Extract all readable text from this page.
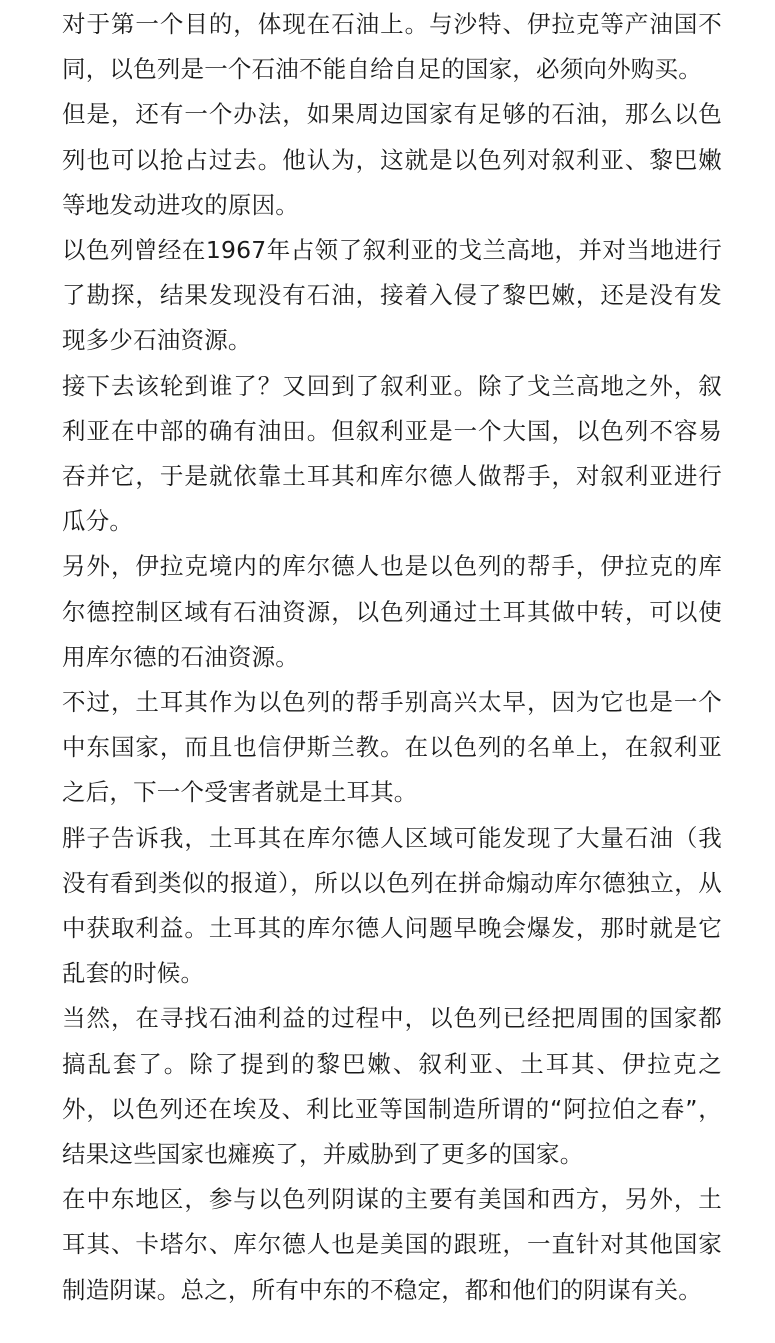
对于第一个目的，体现在石油上。与沙特、伊拉克等产油国不同，以色列是一个石油不能自给自足的国家，必须向外购买。

但是，还有一个办法，如果周边国家有足够的石油，那么以色列也可以抢占过去。他认为，这就是以色列对叙利亚、黎巴嫩等地发动进攻的原因。

以色列曾经在1967年占领了叙利亚的戈兰高地，并对当地进行了勘探，结果发现没有石油，接着入侵了黎巴嫩，还是没有发现多少石油资源。

接下去该轮到谁了？又回到了叙利亚。除了戈兰高地之外，叙利亚在中部的确有油田。但叙利亚是一个大国，以色列不容易吞并它，于是就依靠土耳其和库尔德人做帮手，对叙利亚进行瓜分。

另外，伊拉克境内的库尔德人也是以色列的帮手，伊拉克的库尔德控制区域有石油资源，以色列通过土耳其做中转，可以使用库尔德的石油资源。

不过，土耳其作为以色列的帮手别高兴太早，因为它也是一个中东国家，而且也信伊斯兰教。在以色列的名单上，在叙利亚之后，下一个受害者就是土耳其。

胖子告诉我，土耳其在库尔德人区域可能发现了大量石油（我没有看到类似的报道），所以以色列在拼命煽动库尔德独立，从中获取利益。土耳其的库尔德人问题早晚会爆发，那时就是它乱套的时候。

当然，在寻找石油利益的过程中，以色列已经把周围的国家都搞乱套了。除了提到的黎巴嫩、叙利亚、土耳其、伊拉克之外，以色列还在埃及、利比亚等国制造所谓的“阿拉伯之春”，结果这些国家也瘫痪了，并威胁到了更多的国家。

在中东地区，参与以色列阴谋的主要有美国和西方，另外，土耳其、卡塔尔、库尔德人也是美国的跟班，一直针对其他国家制造阴谋。总之，所有中东的不稳定，都和他们的阴谋有关。
